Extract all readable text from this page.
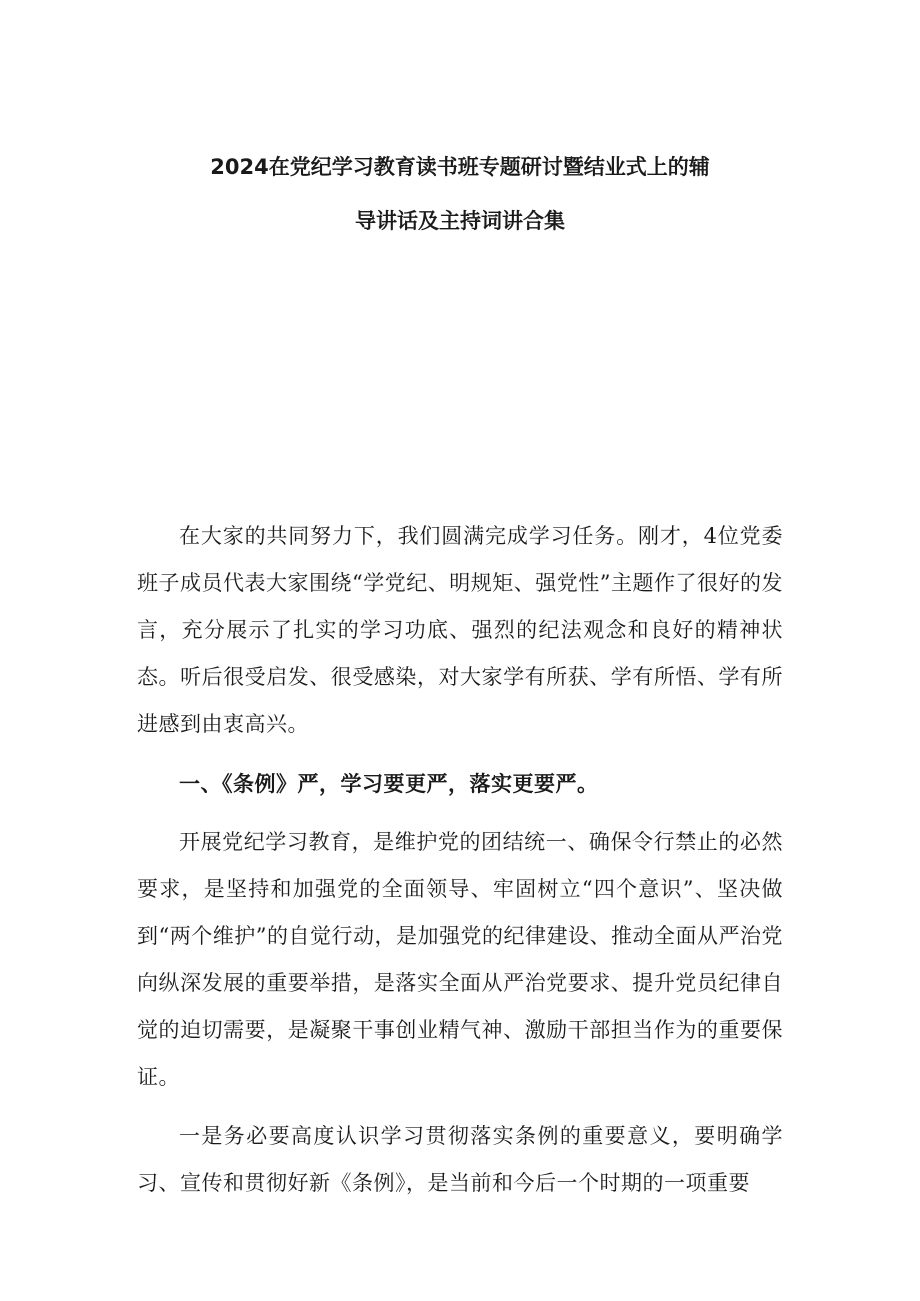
2024在党纪学习教育读书班专题研讨暨结业式上的辅
导讲话及主持词讲合集

在大家的共同努力下，我们圆满完成学习任务。刚才，4位党委班子成员代表大家围绕“学党纪、明规矩、强党性”主题作了很好的发言，充分展示了扎实的学习功底、强烈的纪法观念和良好的精神状态。听后很受启发、很受感染，对大家学有所获、学有所悟、学有所进感到由衷高兴。

一、《条例》严，学习要更严，落实更要严。

开展党纪学习教育，是维护党的团结统一、确保令行禁止的必然要求，是坚持和加强党的全面领导、牢固树立“四个意识”、坚决做到“两个维护”的自觉行动，是加强党的纪律建设、推动全面从严治党向纵深发展的重要举措，是落实全面从严治党要求、提升党员纪律自觉的迫切需要，是凝聚干事创业精气神、激励干部担当作为的重要保证。

一是务必要高度认识学习贯彻落实条例的重要意义，要明确学习、宣传和贯彻好新《条例》，是当前和今后一个时期的一项重要
